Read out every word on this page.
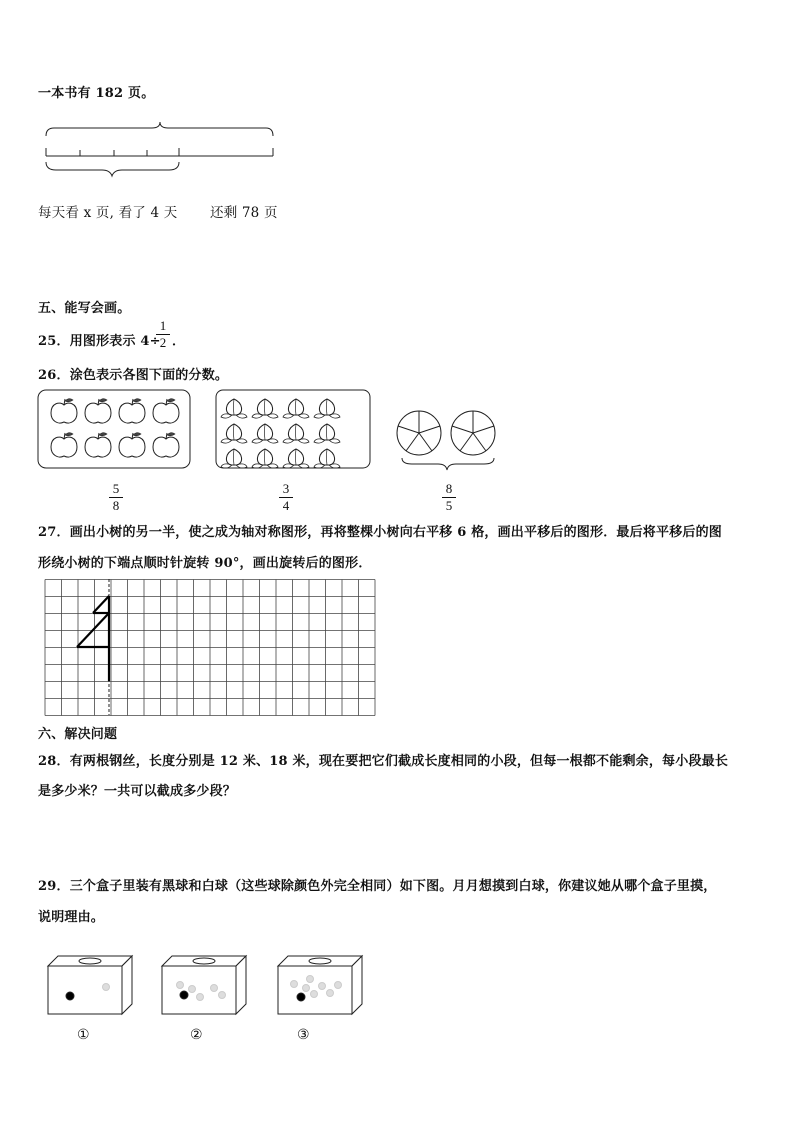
一本书有 182 页。
每天看 x 页, 看了 4 天 还剩 78 页
五、能写会画。
25．用图形表示 4÷
1
2 ．
26．涂色表示各图下面的分数。
5
8
3
4
8
5
27．画出小树的另一半，使之成为轴对称图形，再将整棵小树向右平移 6 格，画出平移后的图形．最后将平移后的图
形绕小树的下端点顺时针旋转 90°，画出旋转后的图形．
六、解决问题
28．有两根钢丝，长度分别是 12 米、18 米，现在要把它们截成长度相同的小段，但每一根都不能剩余，每小段最长
是多少米？一共可以截成多少段？
29．三个盒子里装有黑球和白球（这些球除颜色外完全相同）如下图。月月想摸到白球，你建议她从哪个盒子里摸，
说明理由。
①	②	③
